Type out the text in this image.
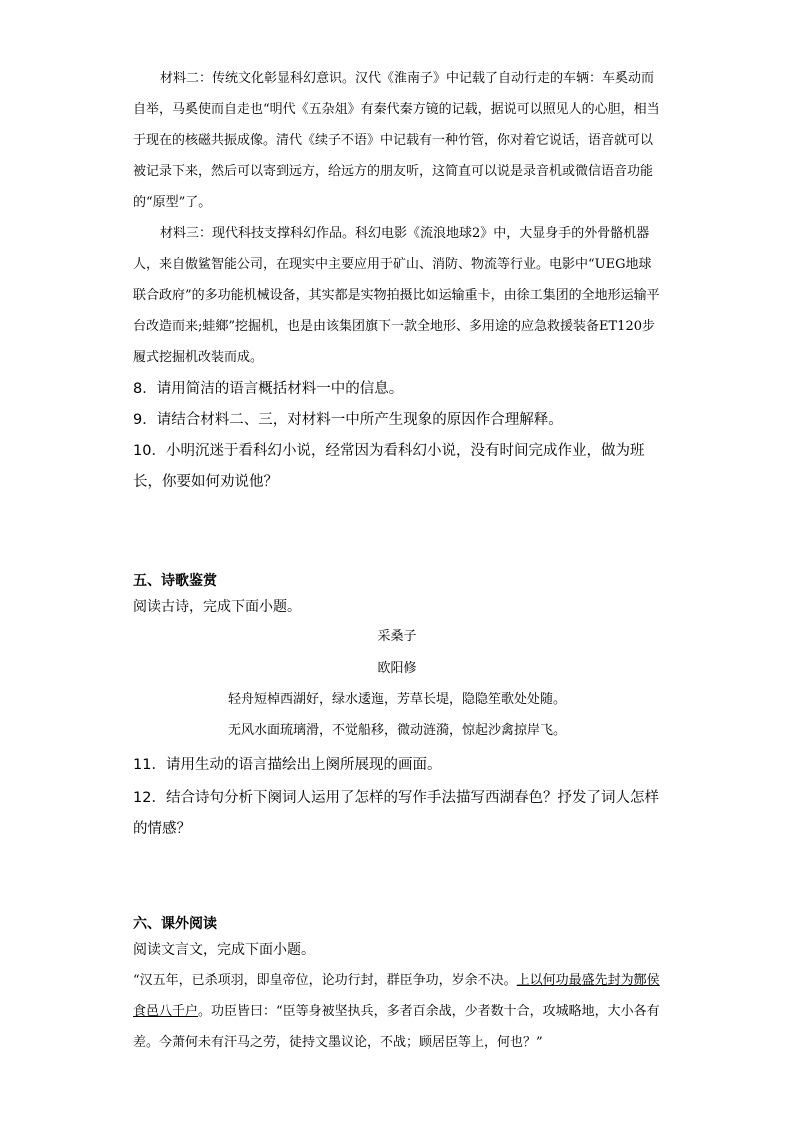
材料二：传统文化彰显科幻意识。汉代《淮南子》中记载了自动行走的车辆：车奚动而自举，马奚使而自走也“明代《五杂俎》有秦代秦方镜的记载，据说可以照见人的心胆，相当于现在的核磁共振成像。清代《续子不语》中记载有一种竹管，你对着它说话，语音就可以被记录下来，然后可以寄到远方，给远方的朋友听，这简直可以说是录音机或微信语音功能的“原型”了。

材料三：现代科技支撑科幻作品。科幻电影《流浪地球2》中，大显身手的外骨骼机器人，来自傲鲨智能公司，在现实中主要应用于矿山、消防、物流等行业。电影中“UEG地球联合政府”的多功能机械设备，其实都是实物拍摄比如运输重卡，由徐工集团的全地形运输平台改造而来;蛙鄉”挖掘机，也是由该集团旗下一款全地形、多用途的应急救援装备ET120步履式挖掘机改装而成。

8．请用简洁的语言概括材料一中的信息。

9．请结合材料二、三，对材料一中所产生现象的原因作合理解释。

10．小明沉迷于看科幻小说，经常因为看科幻小说，没有时间完成作业，做为班长，你要如何劝说他？

五、诗歌鉴赏

阅读古诗，完成下面小题。

采桑子

欧阳修

轻舟短棹西湖好，绿水逶迤，芳草长堤，隐隐笙歌处处随。

无风水面琉璃滑，不觉船移，微动涟漪，惊起沙禽掠岸飞。

11．请用生动的语言描绘出上阕所展现的画面。

12．结合诗句分析下阕词人运用了怎样的写作手法描写西湖春色？抒发了词人怎样的情感？

六、课外阅读

阅读文言文，完成下面小题。

“汉五年，已杀项羽，即皇帝位，论功行封，群臣争功，岁余不决。上以何功最盛先封为酂侯食邑八千户。功臣皆曰：“臣等身被坚执兵，多者百余战，少者数十合，攻城略地，大小各有差。今萧何未有汗马之劳，徒持文墨议论，不战；顾居臣等上，何也？”
